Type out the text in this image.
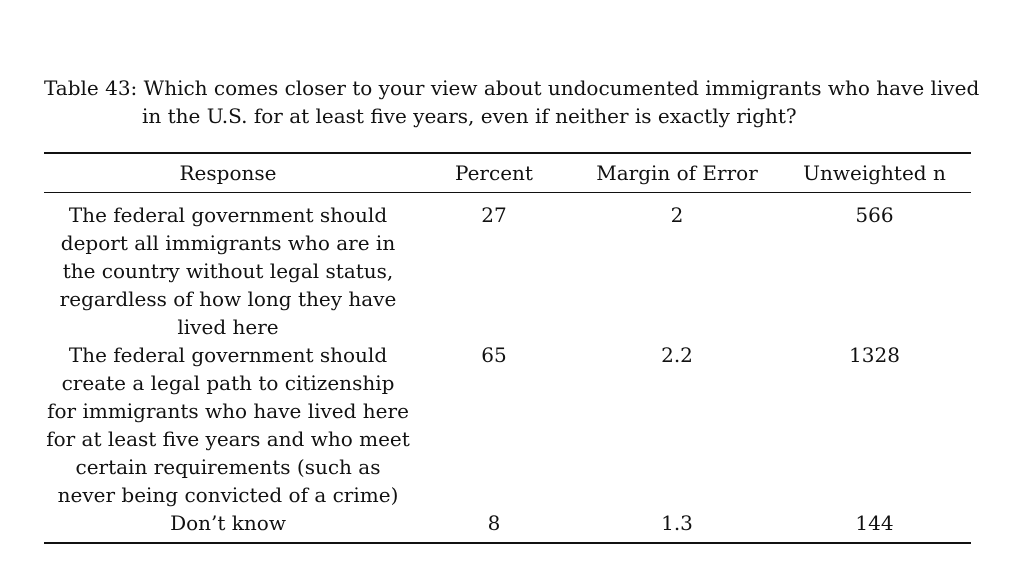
Table 43: Which comes closer to your view about undocumented immigrants who have lived
in the U.S. for at least five years, even if neither is exactly right?
Response	Percent	Margin of Error	Unweighted n
The federal government should deport all immigrants who are in the country without legal status, regardless of how long they have lived here	27	2	566
The federal government should create a legal path to citizenship for immigrants who have lived here for at least five years and who meet certain requirements (such as never being convicted of a crime)	65	2.2	1328
Don’t know	8	1.3	144
